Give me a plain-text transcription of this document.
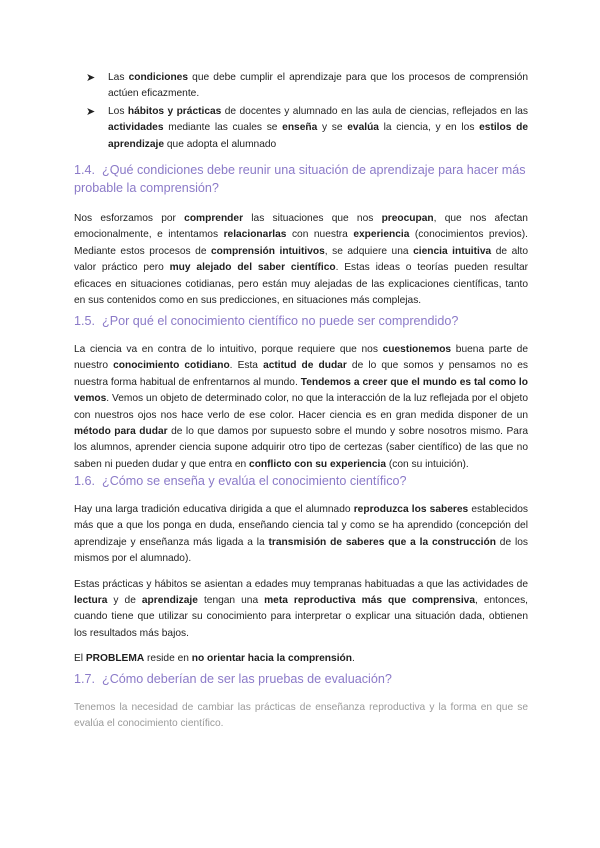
➤ Las condiciones que debe cumplir el aprendizaje para que los procesos de comprensión actúen eficazmente.
➤ Los hábitos y prácticas de docentes y alumnado en las aula de ciencias, reflejados en las actividades mediante las cuales se enseña y se evalúa la ciencia, y en los estilos de aprendizaje que adopta el alumnado
1.4. ¿Qué condiciones debe reunir una situación de aprendizaje para hacer más probable la comprensión?

Nos esforzamos por comprender las situaciones que nos preocupan, que nos afectan emocionalmente, e intentamos relacionarlas con nuestra experiencia (conocimientos previos). Mediante estos procesos de comprensión intuitivos, se adquiere una ciencia intuitiva de alto valor práctico pero muy alejado del saber científico. Estas ideas o teorías pueden resultar eficaces en situaciones cotidianas, pero están muy alejadas de las explicaciones científicas, tanto en sus contenidos como en sus predicciones, en situaciones más complejas.

1.5. ¿Por qué el conocimiento científico no puede ser comprendido?

La ciencia va en contra de lo intuitivo, porque requiere que nos cuestionemos buena parte de nuestro conocimiento cotidiano. Esta actitud de dudar de lo que somos y pensamos no es nuestra forma habitual de enfrentarnos al mundo. Tendemos a creer que el mundo es tal como lo vemos. Vemos un objeto de determinado color, no que la interacción de la luz reflejada por el objeto con nuestros ojos nos hace verlo de ese color. Hacer ciencia es en gran medida disponer de un método para dudar de lo que damos por supuesto sobre el mundo y sobre nosotros mismo. Para los alumnos, aprender ciencia supone adquirir otro tipo de certezas (saber científico) de las que no saben ni pueden dudar y que entra en conflicto con su experiencia (con su intuición).

1.6. ¿Cómo se enseña y evalúa el conocimiento científico?

Hay una larga tradición educativa dirigida a que el alumnado reproduzca los saberes establecidos más que a que los ponga en duda, enseñando ciencia tal y como se ha aprendido (concepción del aprendizaje y enseñanza más ligada a la transmisión de saberes que a la construcción de los mismos por el alumnado).

Estas prácticas y hábitos se asientan a edades muy tempranas habituadas a que las actividades de lectura y de aprendizaje tengan una meta reproductiva más que comprensiva, entonces, cuando tiene que utilizar su conocimiento para interpretar o explicar una situación dada, obtienen los resultados más bajos.

El PROBLEMA reside en no orientar hacia la comprensión.

1.7. ¿Cómo deberían de ser las pruebas de evaluación?

Tenemos la necesidad de cambiar las prácticas de enseñanza reproductiva y la forma en que se evalúa el conocimiento científico.
